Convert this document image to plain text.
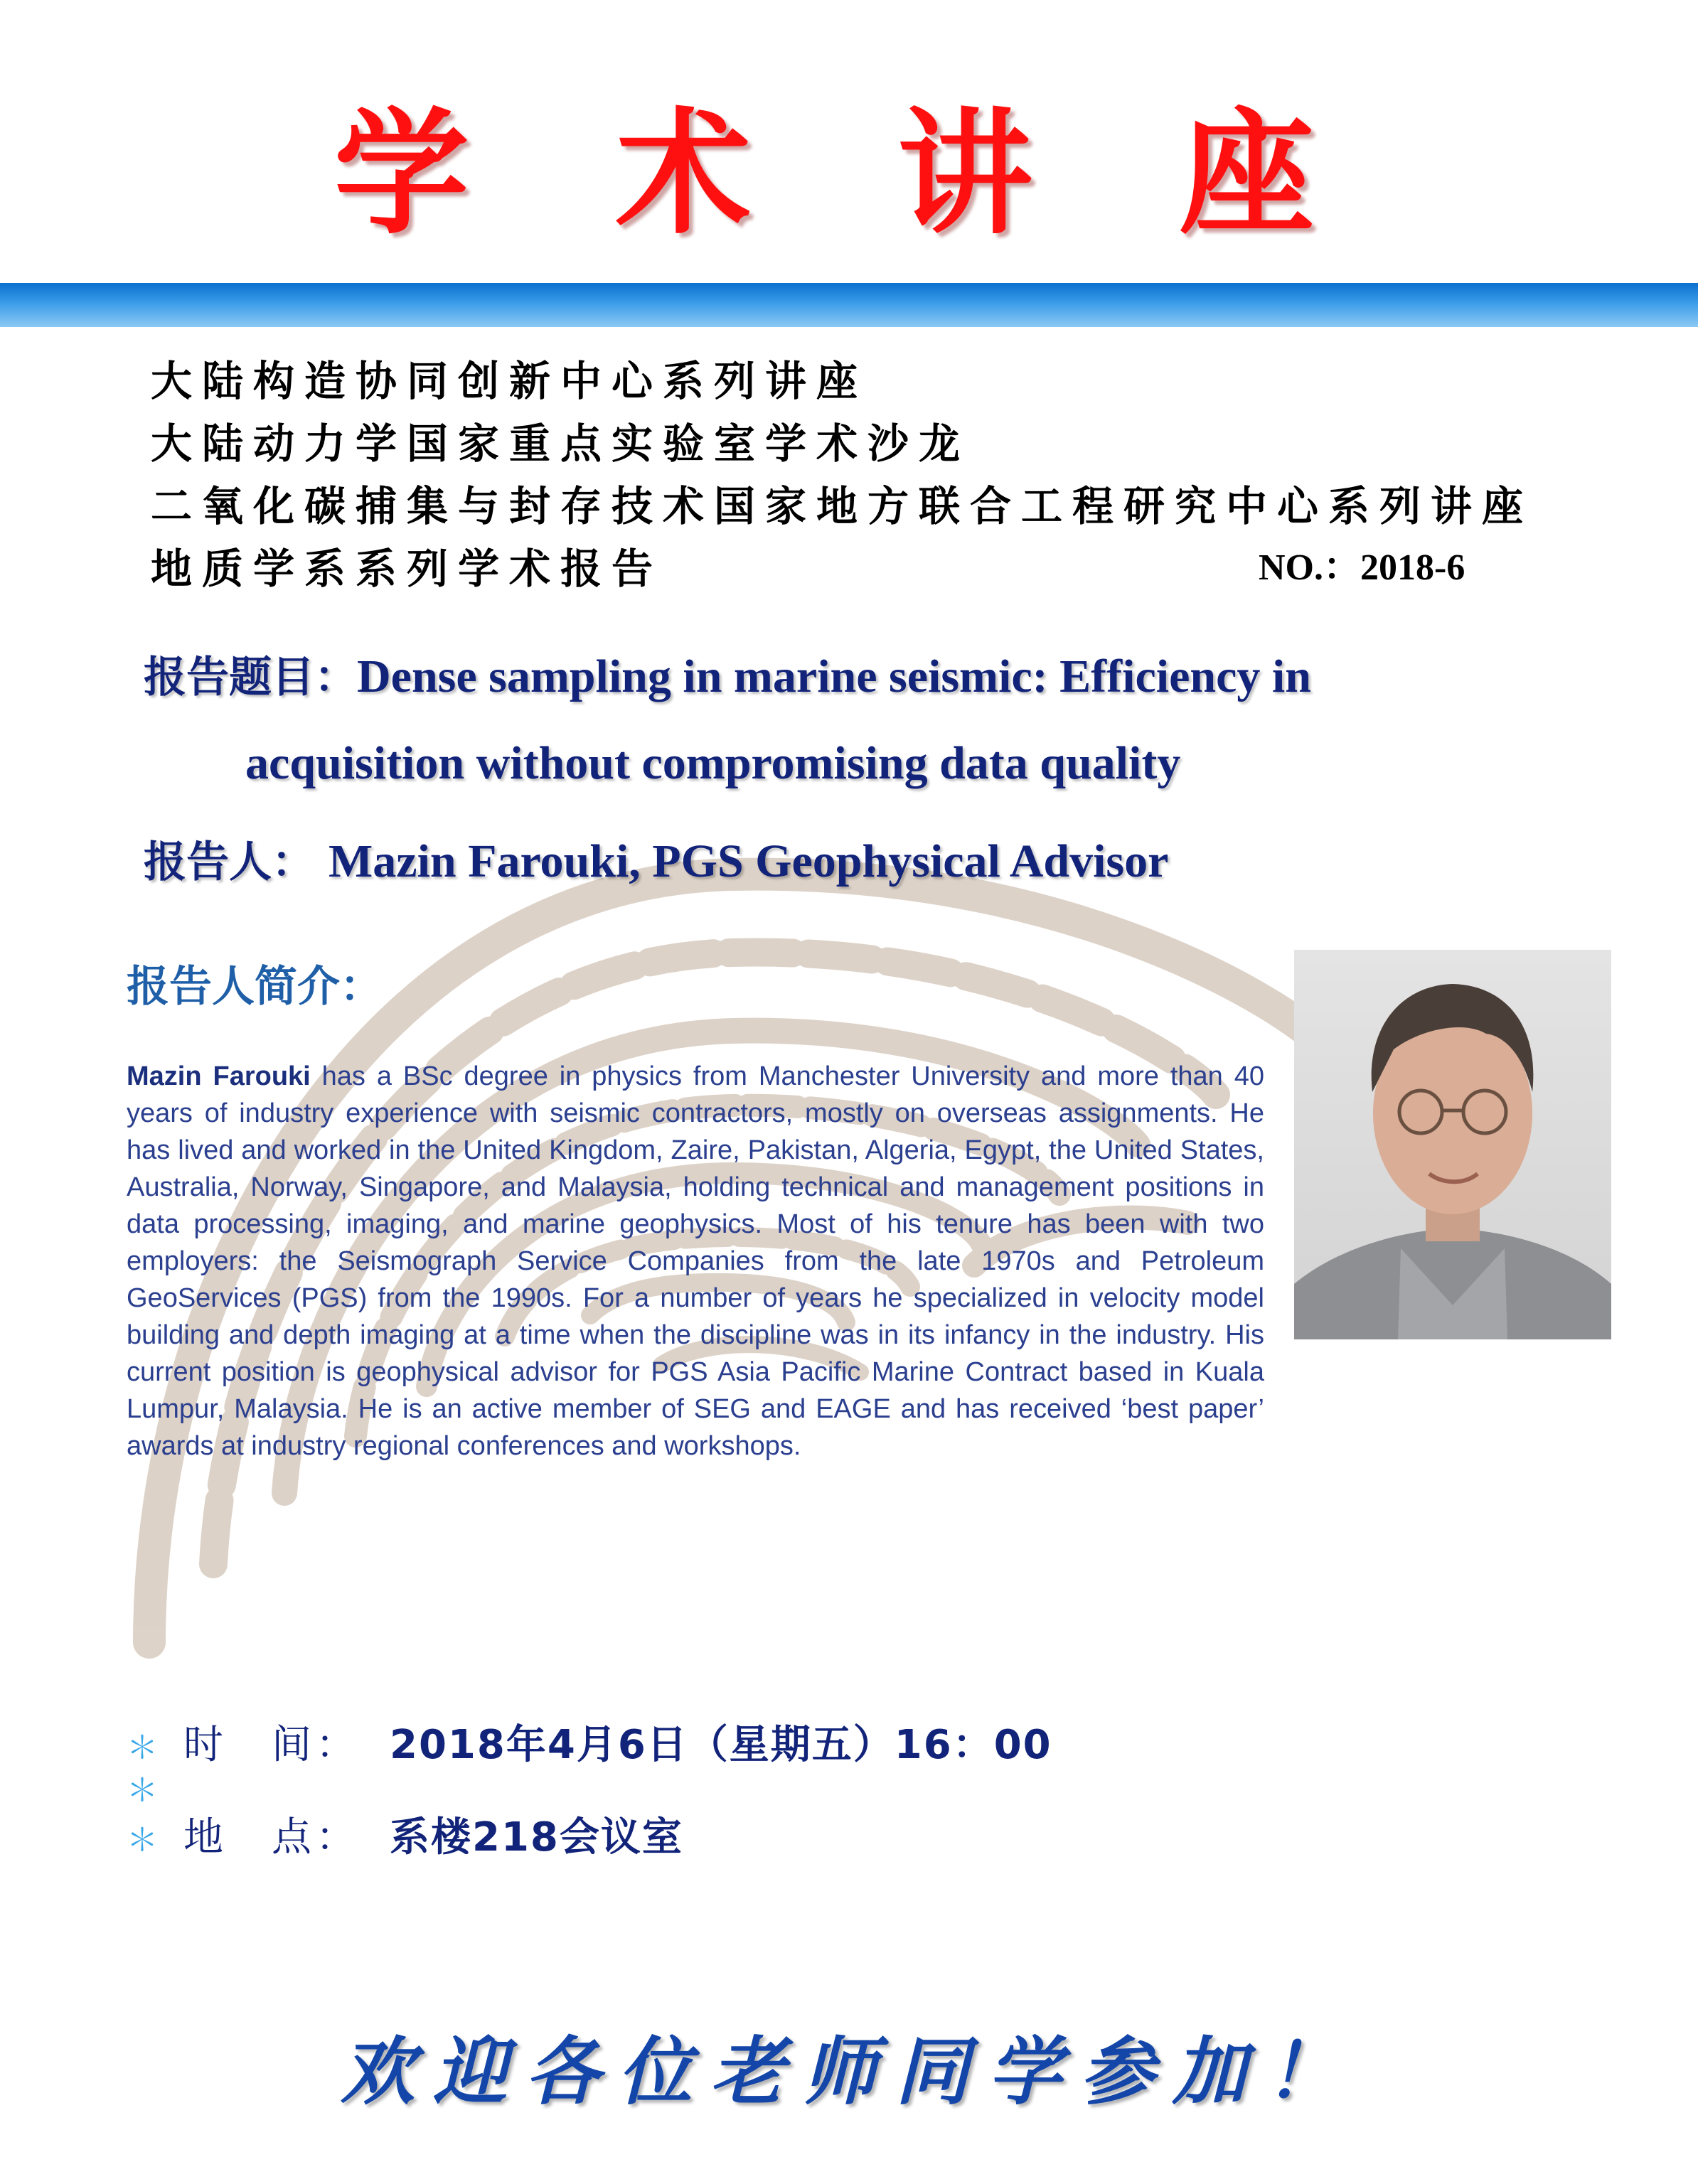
学 术 讲 座
大陆构造协同创新中心系列讲座
大陆动力学国家重点实验室学术沙龙
二氧化碳捕集与封存技术国家地方联合工程研究中心系列讲座
地质学系系列学术报告	NO.：2018-6
报告题目：Dense sampling in marine seismic: Efficiency in
acquisition without compromising data quality
报告人： Mazin Farouki, PGS Geophysical Advisor
报告人简介：

Mazin Farouki has a BSc degree in physics from Manchester University and more than 40 years of industry experience with seismic contractors, mostly on overseas assignments. He has lived and worked in the United Kingdom, Zaire, Pakistan, Algeria, Egypt, the United States, Australia, Norway, Singapore, and Malaysia, holding technical and management positions in data processing, imaging, and marine geophysics. Most of his tenure has been with two employers: the Seismograph Service Companies from the late 1970s and Petroleum GeoServices (PGS) from the 1990s. For a number of years he specialized in velocity model building and depth imaging at a time when the discipline was in its infancy in the industry. His current position is geophysical advisor for PGS Asia Pacific Marine Contract based in Kuala Lumpur, Malaysia. He is an active member of SEG and EAGE and has received ‘best paper’ awards at industry regional conferences and workshops.

＊ 时　间： 2018年4月6日（星期五）16：00
＊
＊ 地　点： 系楼218会议室
欢迎各位老师同学参加！
